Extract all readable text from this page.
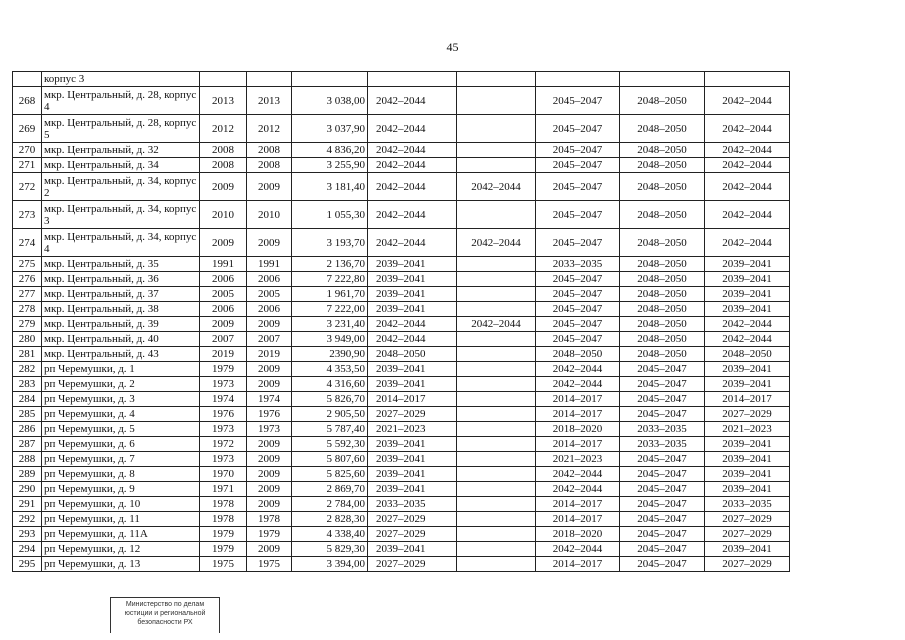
45
	корпус 3								
268	мкр. Центральный, д. 28, корпус 4	2013	2013	3 038,00	2042–2044		2045–2047	2048–2050	2042–2044
269	мкр. Центральный, д. 28, корпус 5	2012	2012	3 037,90	2042–2044		2045–2047	2048–2050	2042–2044
270	мкр. Центральный, д. 32	2008	2008	4 836,20	2042–2044		2045–2047	2048–2050	2042–2044
271	мкр. Центральный, д. 34	2008	2008	3 255,90	2042–2044		2045–2047	2048–2050	2042–2044
272	мкр. Центральный, д. 34, корпус 2	2009	2009	3 181,40	2042–2044	2042–2044	2045–2047	2048–2050	2042–2044
273	мкр. Центральный, д. 34, корпус 3	2010	2010	1 055,30	2042–2044		2045–2047	2048–2050	2042–2044
274	мкр. Центральный, д. 34, корпус 4	2009	2009	3 193,70	2042–2044	2042–2044	2045–2047	2048–2050	2042–2044
275	мкр. Центральный, д. 35	1991	1991	2 136,70	2039–2041		2033–2035	2048–2050	2039–2041
276	мкр. Центральный, д. 36	2006	2006	7 222,80	2039–2041		2045–2047	2048–2050	2039–2041
277	мкр. Центральный, д. 37	2005	2005	1 961,70	2039–2041		2045–2047	2048–2050	2039–2041
278	мкр. Центральный, д. 38	2006	2006	7 222,00	2039–2041		2045–2047	2048–2050	2039–2041
279	мкр. Центральный, д. 39	2009	2009	3 231,40	2042–2044	2042–2044	2045–2047	2048–2050	2042–2044
280	мкр. Центральный, д. 40	2007	2007	3 949,00	2042–2044		2045–2047	2048–2050	2042–2044
281	мкр. Центральный, д. 43	2019	2019	2390,90	2048–2050		2048–2050	2048–2050	2048–2050
282	рп Черемушки, д. 1	1979	2009	4 353,50	2039–2041		2042–2044	2045–2047	2039–2041
283	рп Черемушки, д. 2	1973	2009	4 316,60	2039–2041		2042–2044	2045–2047	2039–2041
284	рп Черемушки, д. 3	1974	1974	5 826,70	2014–2017		2014–2017	2045–2047	2014–2017
285	рп Черемушки, д. 4	1976	1976	2 905,50	2027–2029		2014–2017	2045–2047	2027–2029
286	рп Черемушки, д. 5	1973	1973	5 787,40	2021–2023		2018–2020	2033–2035	2021–2023
287	рп Черемушки, д. 6	1972	2009	5 592,30	2039–2041		2014–2017	2033–2035	2039–2041
288	рп Черемушки, д. 7	1973	2009	5 807,60	2039–2041		2021–2023	2045–2047	2039–2041
289	рп Черемушки, д. 8	1970	2009	5 825,60	2039–2041		2042–2044	2045–2047	2039–2041
290	рп Черемушки, д. 9	1971	2009	2 869,70	2039–2041		2042–2044	2045–2047	2039–2041
291	рп Черемушки, д. 10	1978	2009	2 784,00	2033–2035		2014–2017	2045–2047	2033–2035
292	рп Черемушки, д. 11	1978	1978	2 828,30	2027–2029		2014–2017	2045–2047	2027–2029
293	рп Черемушки, д. 11А	1979	1979	4 338,40	2027–2029		2018–2020	2045–2047	2027–2029
294	рп Черемушки, д. 12	1979	2009	5 829,30	2039–2041		2042–2044	2045–2047	2039–2041
295	рп Черемушки, д. 13	1975	1975	3 394,00	2027–2029		2014–2017	2045–2047	2027–2029
Министерство по делам
юстиции и региональной
безопасности РХ
